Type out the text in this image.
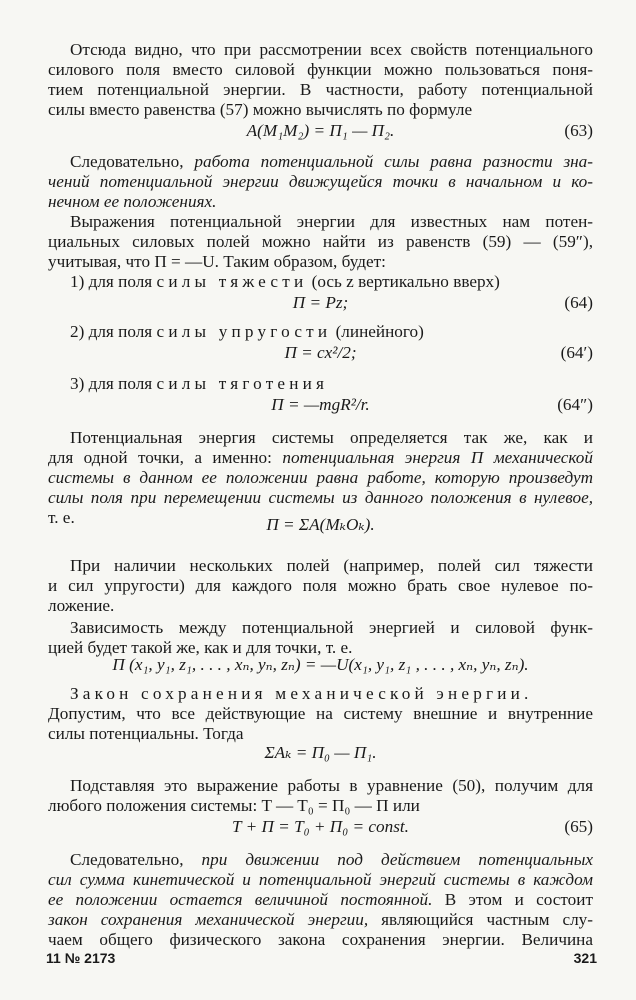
Отсюда видно, что при рассмотрении всех свойств потенциального
силового поля вместо силовой функции можно пользоваться поня-
тием потенциальной энергии. В частности, работу потенциальной
силы вместо равенства (57) можно вычислять по формуле
A(M₁M₂) = Π₁ — Π₂.	(63)
Следовательно, работа потенциальной силы равна разности зна-
чений потенциальной энергии движущейся точки в начальном и ко-
нечном ее положениях.
Выражения потенциальной энергии для известных нам потен-
циальных силовых полей можно найти из равенств (59) — (59″),
учитывая, что Π = —U. Таким образом, будет:
1) для поля силы тяжести (ось z вертикально вверх)
Π = Pz;	(64)
2) для поля силы упругости (линейного)
Π = cx²/2;	(64′)
3) для поля силы тяготения
Π = —mgR²/r.	(64″)
Потенциальная энергия системы определяется так же, как и
для одной точки, а именно: потенциальная энергия Π механической
системы в данном ее положении равна работе, которую произведут
силы поля при перемещении системы из данного положения в нулевое,
т. е.	Π = ΣA(MₖOₖ).
При наличии нескольких полей (например, полей сил тяжести
и сил упругости) для каждого поля можно брать свое нулевое по-
ложение.
Зависимость между потенциальной энергией и силовой функ-
цией будет такой же, как и для точки, т. е.
Π (x₁, y₁, z₁, . . . , xₙ, yₙ, zₙ) = —U(x₁, y₁, z₁ , . . . , xₙ, yₙ, zₙ).
Закон сохранения механической энергии.
Допустим, что все действующие на систему внешние и внутренние
силы потенциальны. Тогда
ΣAₖ = Π₀ — Π₁.
Подставляя это выражение работы в уравнение (50), получим для
любого положения системы: T — T₀ = Π₀ — Π или
T + Π = T₀ + Π₀ = const.	(65)
Следовательно, при движении под действием потенциальных
сил сумма кинетической и потенциальной энергий системы в каждом
ее положении остается величиной постоянной. В этом и состоит
закон сохранения механической энергии, являющийся частным слу-
чаем общего физического закона сохранения энергии. Величина
11 № 2173	321
